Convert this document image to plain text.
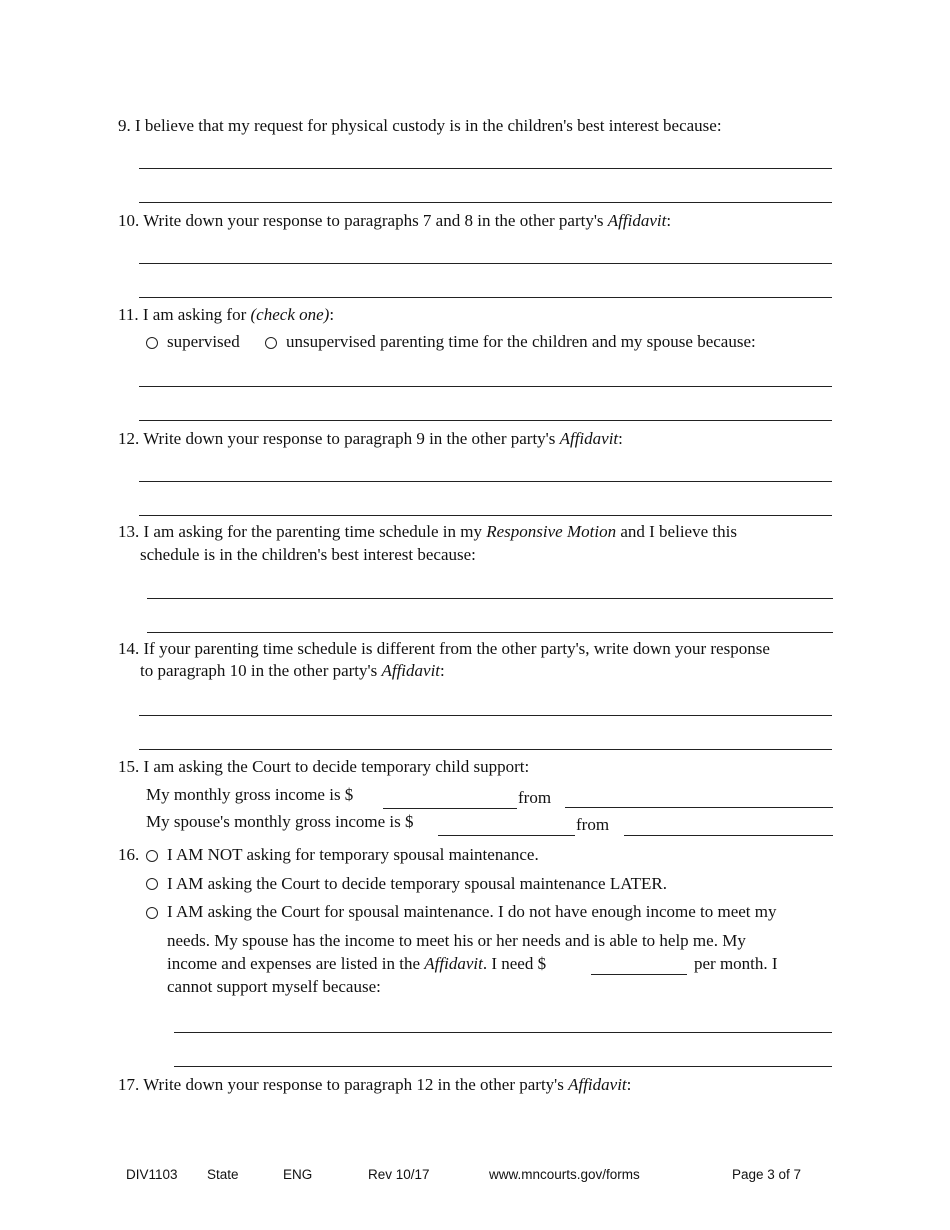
9. I believe that my request for physical custody is in the children's best interest because:
10. Write down your response to paragraphs 7 and 8 in the other party's Affidavit:
11. I am asking for (check one):
supervised	unsupervised parenting time for the children and my spouse because:
12. Write down your response to paragraph 9 in the other party's Affidavit:
13. I am asking for the parenting time schedule in my Responsive Motion and I believe this
schedule is in the children's best interest because:
14. If your parenting time schedule is different from the other party's, write down your response
to paragraph 10 in the other party's Affidavit:
15. I am asking the Court to decide temporary child support:
My monthly gross income is $	from
My spouse's monthly gross income is $	from
16. I AM NOT asking for temporary spousal maintenance.
I AM asking the Court to decide temporary spousal maintenance LATER.
I AM asking the Court for spousal maintenance. I do not have enough income to meet my
needs. My spouse has the income to meet his or her needs and is able to help me. My
income and expenses are listed in the Affidavit. I need $	per month. I
cannot support myself because:
17. Write down your response to paragraph 12 in the other party's Affidavit:
DIV1103 State	ENG	Rev 10/17	www.mncourts.gov/forms	Page 3 of 7
